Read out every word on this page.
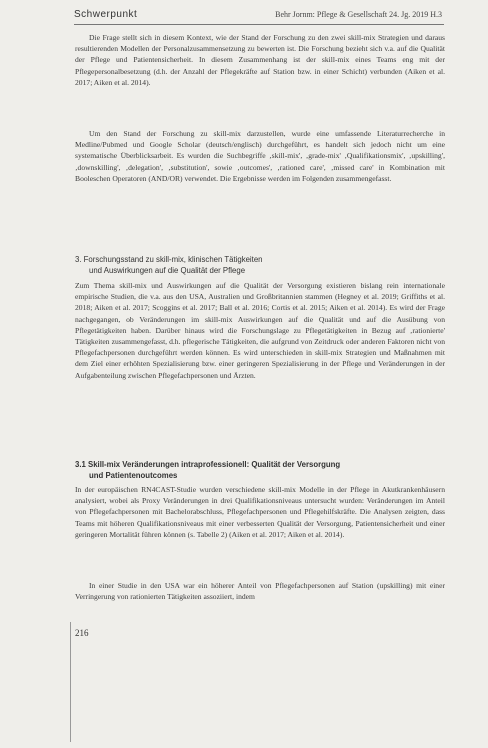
Schwerpunkt	Behr Jornm: Pflege & Gesellschaft 24. Jg. 2019 H.3

Die Frage stellt sich in diesem Kontext, wie der Stand der Forschung zu den zwei skill-mix Strategien und daraus resultierenden Modellen der Personalzusammensetzung zu bewerten ist. Die Forschung bezieht sich v.a. auf die Qualität der Pflege und Patientensicherheit. In diesem Zusammenhang ist der skill-mix eines Teams eng mit der Pflegepersonalbesetzung (d.h. der Anzahl der Pflegekräfte auf Station bzw. in einer Schicht) verbunden (Aiken et al. 2017; Aiken et al. 2014).

Um den Stand der Forschung zu skill-mix darzustellen, wurde eine umfassende Literaturrecherche in Medline/Pubmed und Google Scholar (deutsch/englisch) durchgeführt, es handelt sich jedoch nicht um eine systematische Überblicksarbeit. Es wurden die Suchbegriffe ‚skill-mix', ‚grade-mix' ‚Qualifikationsmix', ‚upskilling', ‚downskilling', ‚delegation', ‚substitution', sowie ‚outcomes', ‚rationed care', ‚missed care' in Kombination mit Booleschen Operatoren (AND/OR) verwendet. Die Ergebnisse werden im Folgenden zusammengefasst.

3. Forschungsstand zu skill-mix, klinischen Tätigkeiten
und Auswirkungen auf die Qualität der Pflege

Zum Thema skill-mix und Auswirkungen auf die Qualität der Versorgung existieren bislang rein internationale empirische Studien, die v.a. aus den USA, Australien und Großbritannien stammen (Hegney et al. 2019; Griffiths et al. 2018; Aiken et al. 2017; Scoggins et al. 2017; Ball et al. 2016; Cortis et al. 2015; Aiken et al. 2014). Es wird der Frage nachgegangen, ob Veränderungen im skill-mix Auswirkungen auf die Qualität und auf die Ausübung von Pflegetätigkeiten haben. Darüber hinaus wird die Forschungslage zu Pflegetätigkeiten in Bezug auf ‚rationierte' Tätigkeiten zusammengefasst, d.h. pflegerische Tätigkeiten, die aufgrund von Zeitdruck oder anderen Faktoren nicht von Pflegefachpersonen durchgeführt werden können. Es wird unterschieden in skill-mix Strategien und Maßnahmen mit dem Ziel einer erhöhten Spezialisierung bzw. einer geringeren Spezialisierung in der Pflege und Veränderungen in der Aufgabenteilung zwischen Pflegefachpersonen und Ärzten.

3.1 Skill-mix Veränderungen intraprofessionell: Qualität der Versorgung
und Patientenoutcomes

In der europäischen RN4CAST-Studie wurden verschiedene skill-mix Modelle in der Pflege in Akutkrankenhäusern analysiert, wobei als Proxy Veränderungen in drei Qualifikationsniveaus untersucht wurden: Veränderungen im Anteil von Pflegefachpersonen mit Bachelorabschluss, Pflegefachpersonen und Pflegehilfskräfte. Die Analysen zeigten, dass Teams mit höheren Qualifikationsniveaus mit einer verbesserten Qualität der Versorgung, Patientensicherheit und einer geringeren Mortalität führen können (s. Tabelle 2) (Aiken et al. 2017; Aiken et al. 2014).

In einer Studie in den USA war ein höherer Anteil von Pflegefachpersonen auf Station (upskilling) mit einer Verringerung von rationierten Tätigkeiten assoziiert, indem

216
